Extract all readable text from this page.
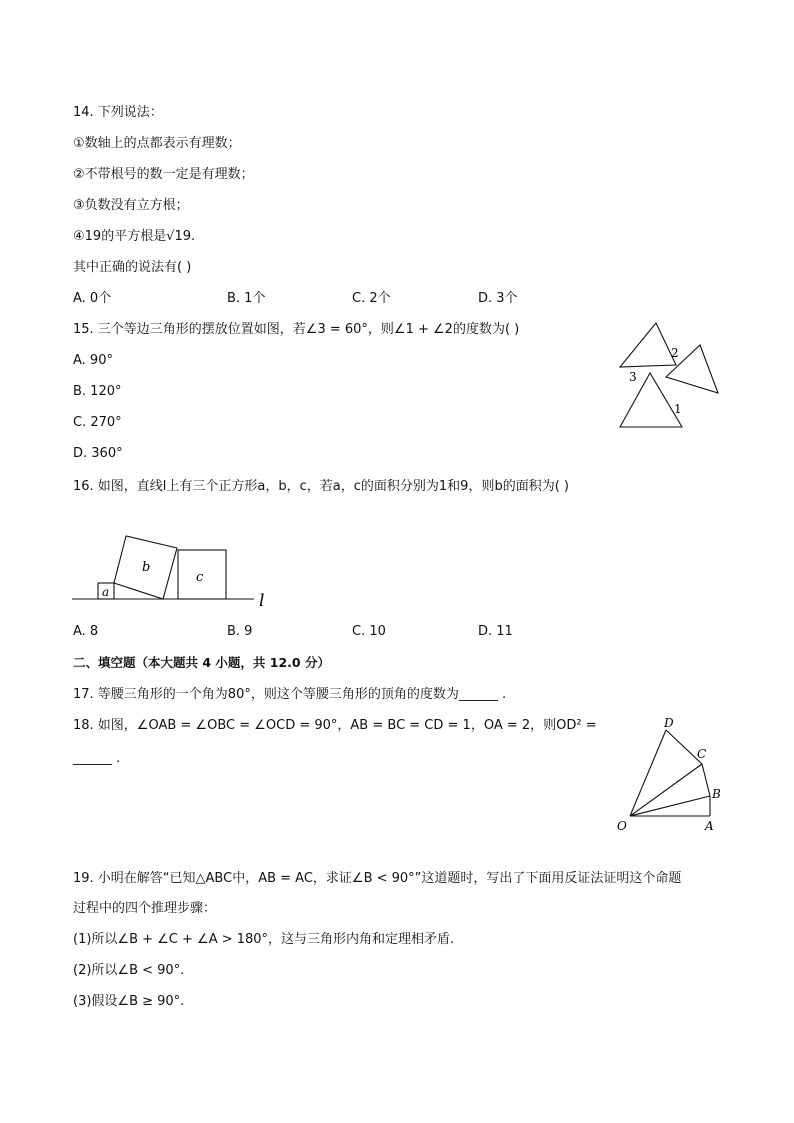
14. 下列说法：
①数轴上的点都表示有理数；
②不带根号的数一定是有理数；
③负数没有立方根；
④19的平方根是√19.
其中正确的说法有( )
A. 0个	B. 1个	C. 2个	D. 3个
15. 三个等边三角形的摆放位置如图，若∠3 = 60°，则∠1 + ∠2的度数为( )
A. 90°
B. 120°
C. 270°
D. 360°
2
3
1
16. 如图，直线l上有三个正方形a，b，c，若a，c的面积分别为1和9，则b的面积为( )
a
b
c
l
A. 8	B. 9	C. 10	D. 11
二、填空题（本大题共 4 小题，共 12.0 分）
17. 等腰三角形的一个角为80°，则这个等腰三角形的顶角的度数为______ .
18. 如图，∠OAB = ∠OBC = ∠OCD = 90°，AB = BC = CD = 1，OA = 2，则OD² =
______ .
D
C
B
O	A
19. 小明在解答“已知△ABC中，AB = AC，求证∠B < 90°”这道题时，写出了下面用反证法证明这个命题
过程中的四个推理步骤：
(1)所以∠B + ∠C + ∠A > 180°，这与三角形内角和定理相矛盾.
(2)所以∠B < 90°.
(3)假设∠B ≥ 90°.
